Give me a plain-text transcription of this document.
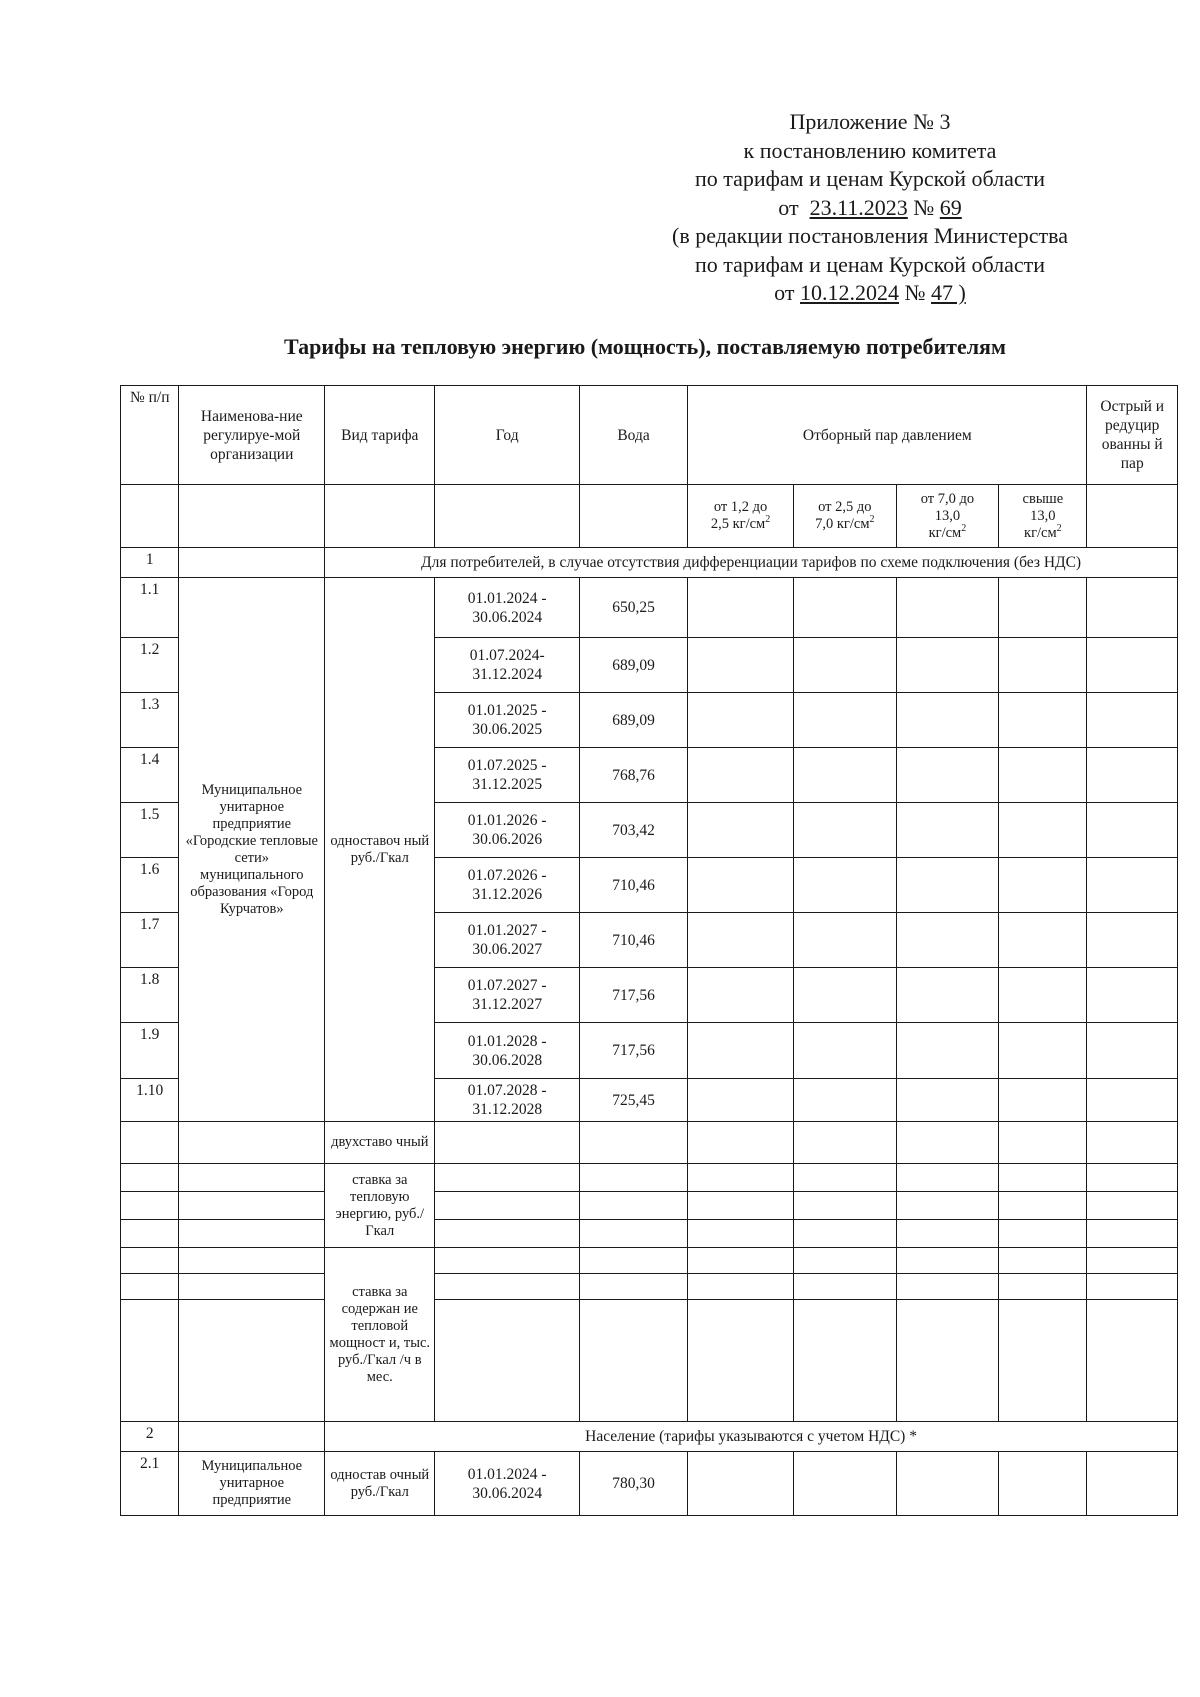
Приложение № 3
к постановлению комитета
по тарифам и ценам Курской области
от 23.11.2023 № 69
(в редакции постановления Министерства
по тарифам и ценам Курской области
от 10.12.2024 № 47 )
Тарифы на тепловую энергию (мощность), поставляемую потребителям
№ п/п	Наименова-ние регулируе-мой организации	Вид тарифа	Год	Вода	Отборный пар давлением				Острый и редуцир ованны й пар
					от 1,2 до
2,5 $кг/см^2$	от 2,5 до
7,0 $кг/см^2$	от 7,0 до
13,0
$кг/см^2$	свыше
13,0
$кг/см^2$	
1		Для потребителей, в случае отсутствия дифференциации тарифов по схеме подключения (без НДС)							
1.1	Муниципальное унитарное предприятие «Городские тепловые сети» муниципального образования «Город Курчатов»	одноставоч ный руб./Гкал	01.01.2024 -
30.06.2024	650,25					
1.2			01.07.2024-
31.12.2024	689,09					
1.3			01.01.2025 -
30.06.2025	689,09					
1.4			01.07.2025 -
31.12.2025	768,76					
1.5			01.01.2026 -
30.06.2026	703,42					
1.6			01.07.2026 -
31.12.2026	710,46					
1.7			01.01.2027 -
30.06.2027	710,46					
1.8			01.07.2027 -
31.12.2027	717,56					
1.9			01.01.2028 -
30.06.2028	717,56					
1.10			01.07.2028 -
31.12.2028	725,45					
		двухставо чный							
		ставка за тепловую энергию, руб./Гкал							

		ставка за содержан ие тепловой мощност и, тыс. руб./Гкал /ч в мес.							

2		Население (тарифы указываются с учетом НДС) *							
2.1	Муниципальное унитарное предприятие	одностав очный руб./Гкал	01.01.2024 -
30.06.2024	780,30					
